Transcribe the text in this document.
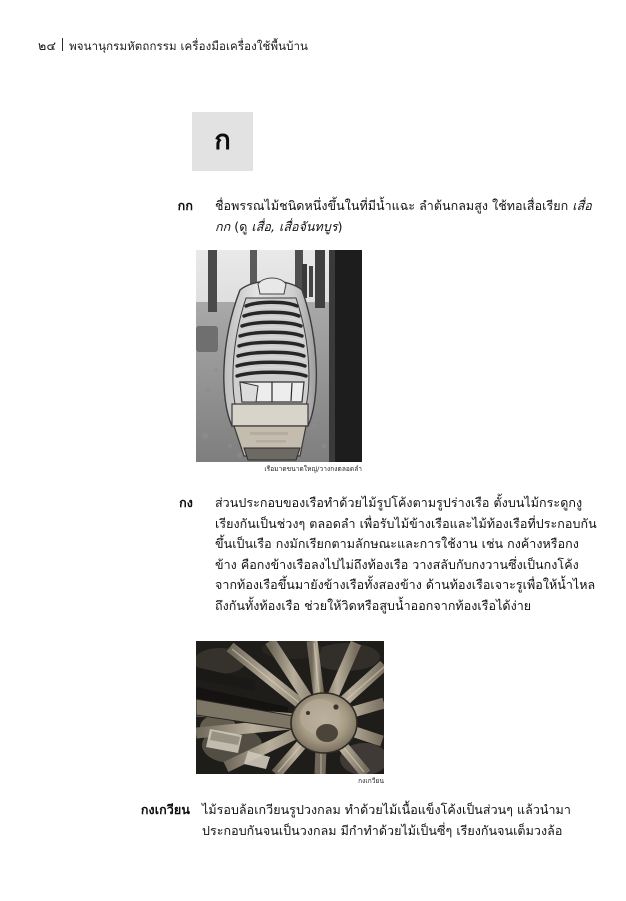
๒๔ พจนานุกรมหัตถกรรม เครื่องมือเครื่องใช้พื้นบ้าน
ก
กก ชื่อพรรณไม้ชนิดหนึ่งขึ้นในที่มีน้ำแฉะ ลำต้นกลมสูง ใช้ทอเสื่อเรียก เสื่อกก (ดู เสื่อ, เสื่อจันทบูร)
เรือมาดขนาดใหญ่/วางกงตลอดลำ
กง ส่วนประกอบของเรือทำด้วยไม้รูปโค้งตามรูปร่างเรือ ตั้งบนไม้กระดูกงู เรียงกันเป็นช่วงๆ ตลอดลำ เพื่อรับไม้ข้างเรือและไม้ท้องเรือที่ประกอบกันขึ้นเป็นเรือ กงมักเรียกตามลักษณะและการใช้งาน เช่น กงค้างหรือกงข้าง คือกงข้างเรือลงไปไม่ถึงท้องเรือ วางสลับกับกงวานซึ่งเป็นกงโค้งจากท้องเรือขึ้นมายังข้างเรือทั้งสองข้าง ด้านท้องเรือเจาะรูเพื่อให้น้ำไหลถึงกันทั้งท้องเรือ ช่วยให้วิดหรือสูบน้ำออกจากท้องเรือได้ง่าย
กงเกวียน
กงเกวียน ไม้รอบล้อเกวียนรูปวงกลม ทำด้วยไม้เนื้อแข็งโค้งเป็นส่วนๆ แล้วนำมาประกอบกันจนเป็นวงกลม มีกำทำด้วยไม้เป็นซี่ๆ เรียงกันจนเต็มวงล้อ
